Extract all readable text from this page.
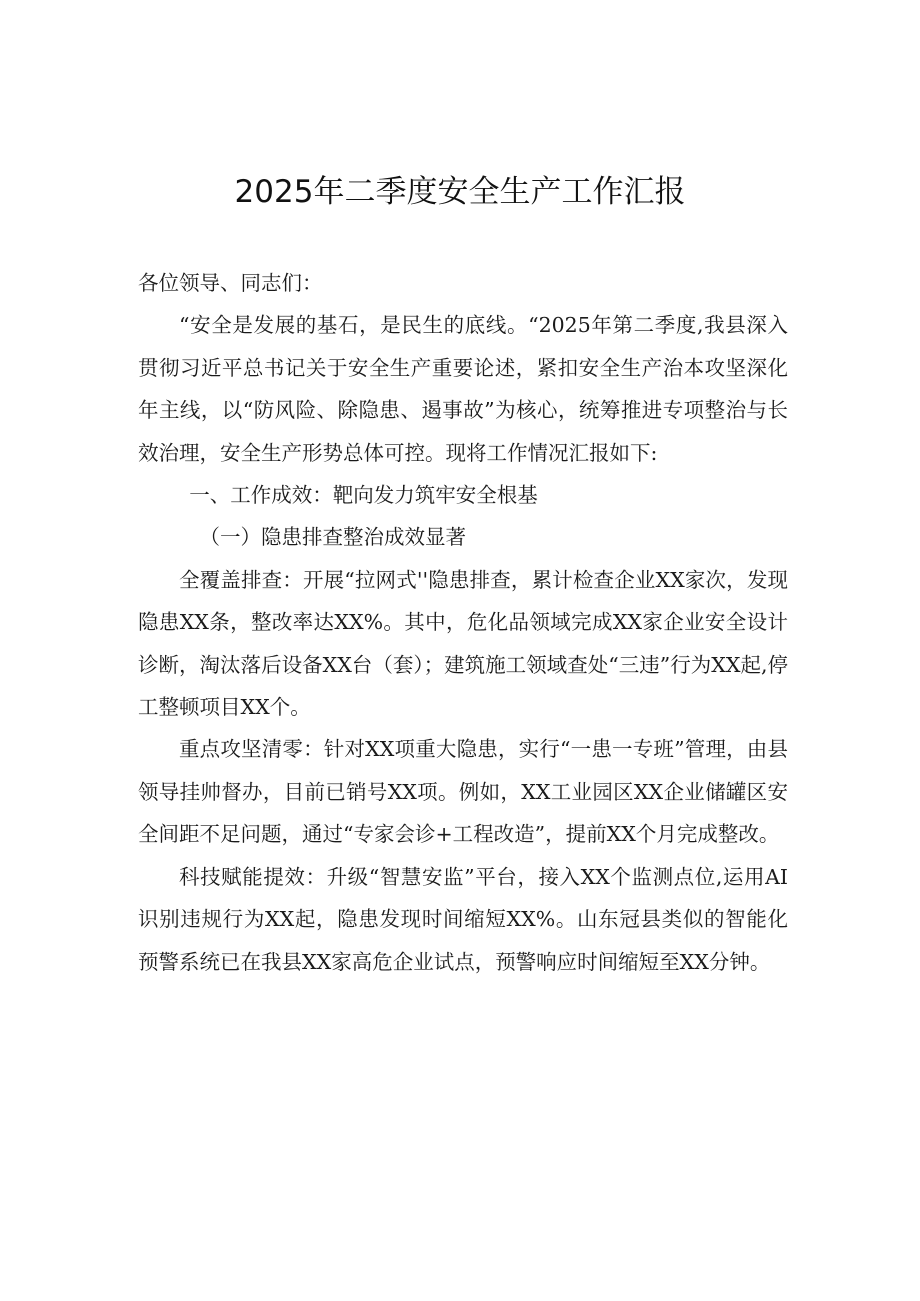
2025年二季度安全生产工作汇报

各位领导、同志们：

“安全是发展的基石，是民生的底线。“2025年第二季度,我县深入贯彻习近平总书记关于安全生产重要论述，紧扣安全生产治本攻坚深化年主线，以“防风险、除隐患、遏事故”为核心，统筹推进专项整治与长效治理，安全生产形势总体可控。现将工作情况汇报如下:

一、工作成效：靶向发力筑牢安全根基

（一）隐患排查整治成效显著

全覆盖排查：开展“拉网式''隐患排查，累计检查企业XX家次，发现隐患XX条，整改率达XX%。其中，危化品领域完成XX家企业安全设计诊断，淘汰落后设备XX台（套）；建筑施工领域查处“三违”行为XX起,停工整顿项目XX个。

重点攻坚清零：针对XX项重大隐患，实行“一患一专班”管理，由县领导挂帅督办，目前已销号XX项。例如，XX工业园区XX企业储罐区安全间距不足问题，通过“专家会诊+工程改造”，提前XX个月完成整改。

科技赋能提效：升级“智慧安监”平台，接入XX个监测点位,运用AI识别违规行为XX起，隐患发现时间缩短XX%。山东冠县类似的智能化预警系统已在我县XX家高危企业试点，预警响应时间缩短至XX分钟。
